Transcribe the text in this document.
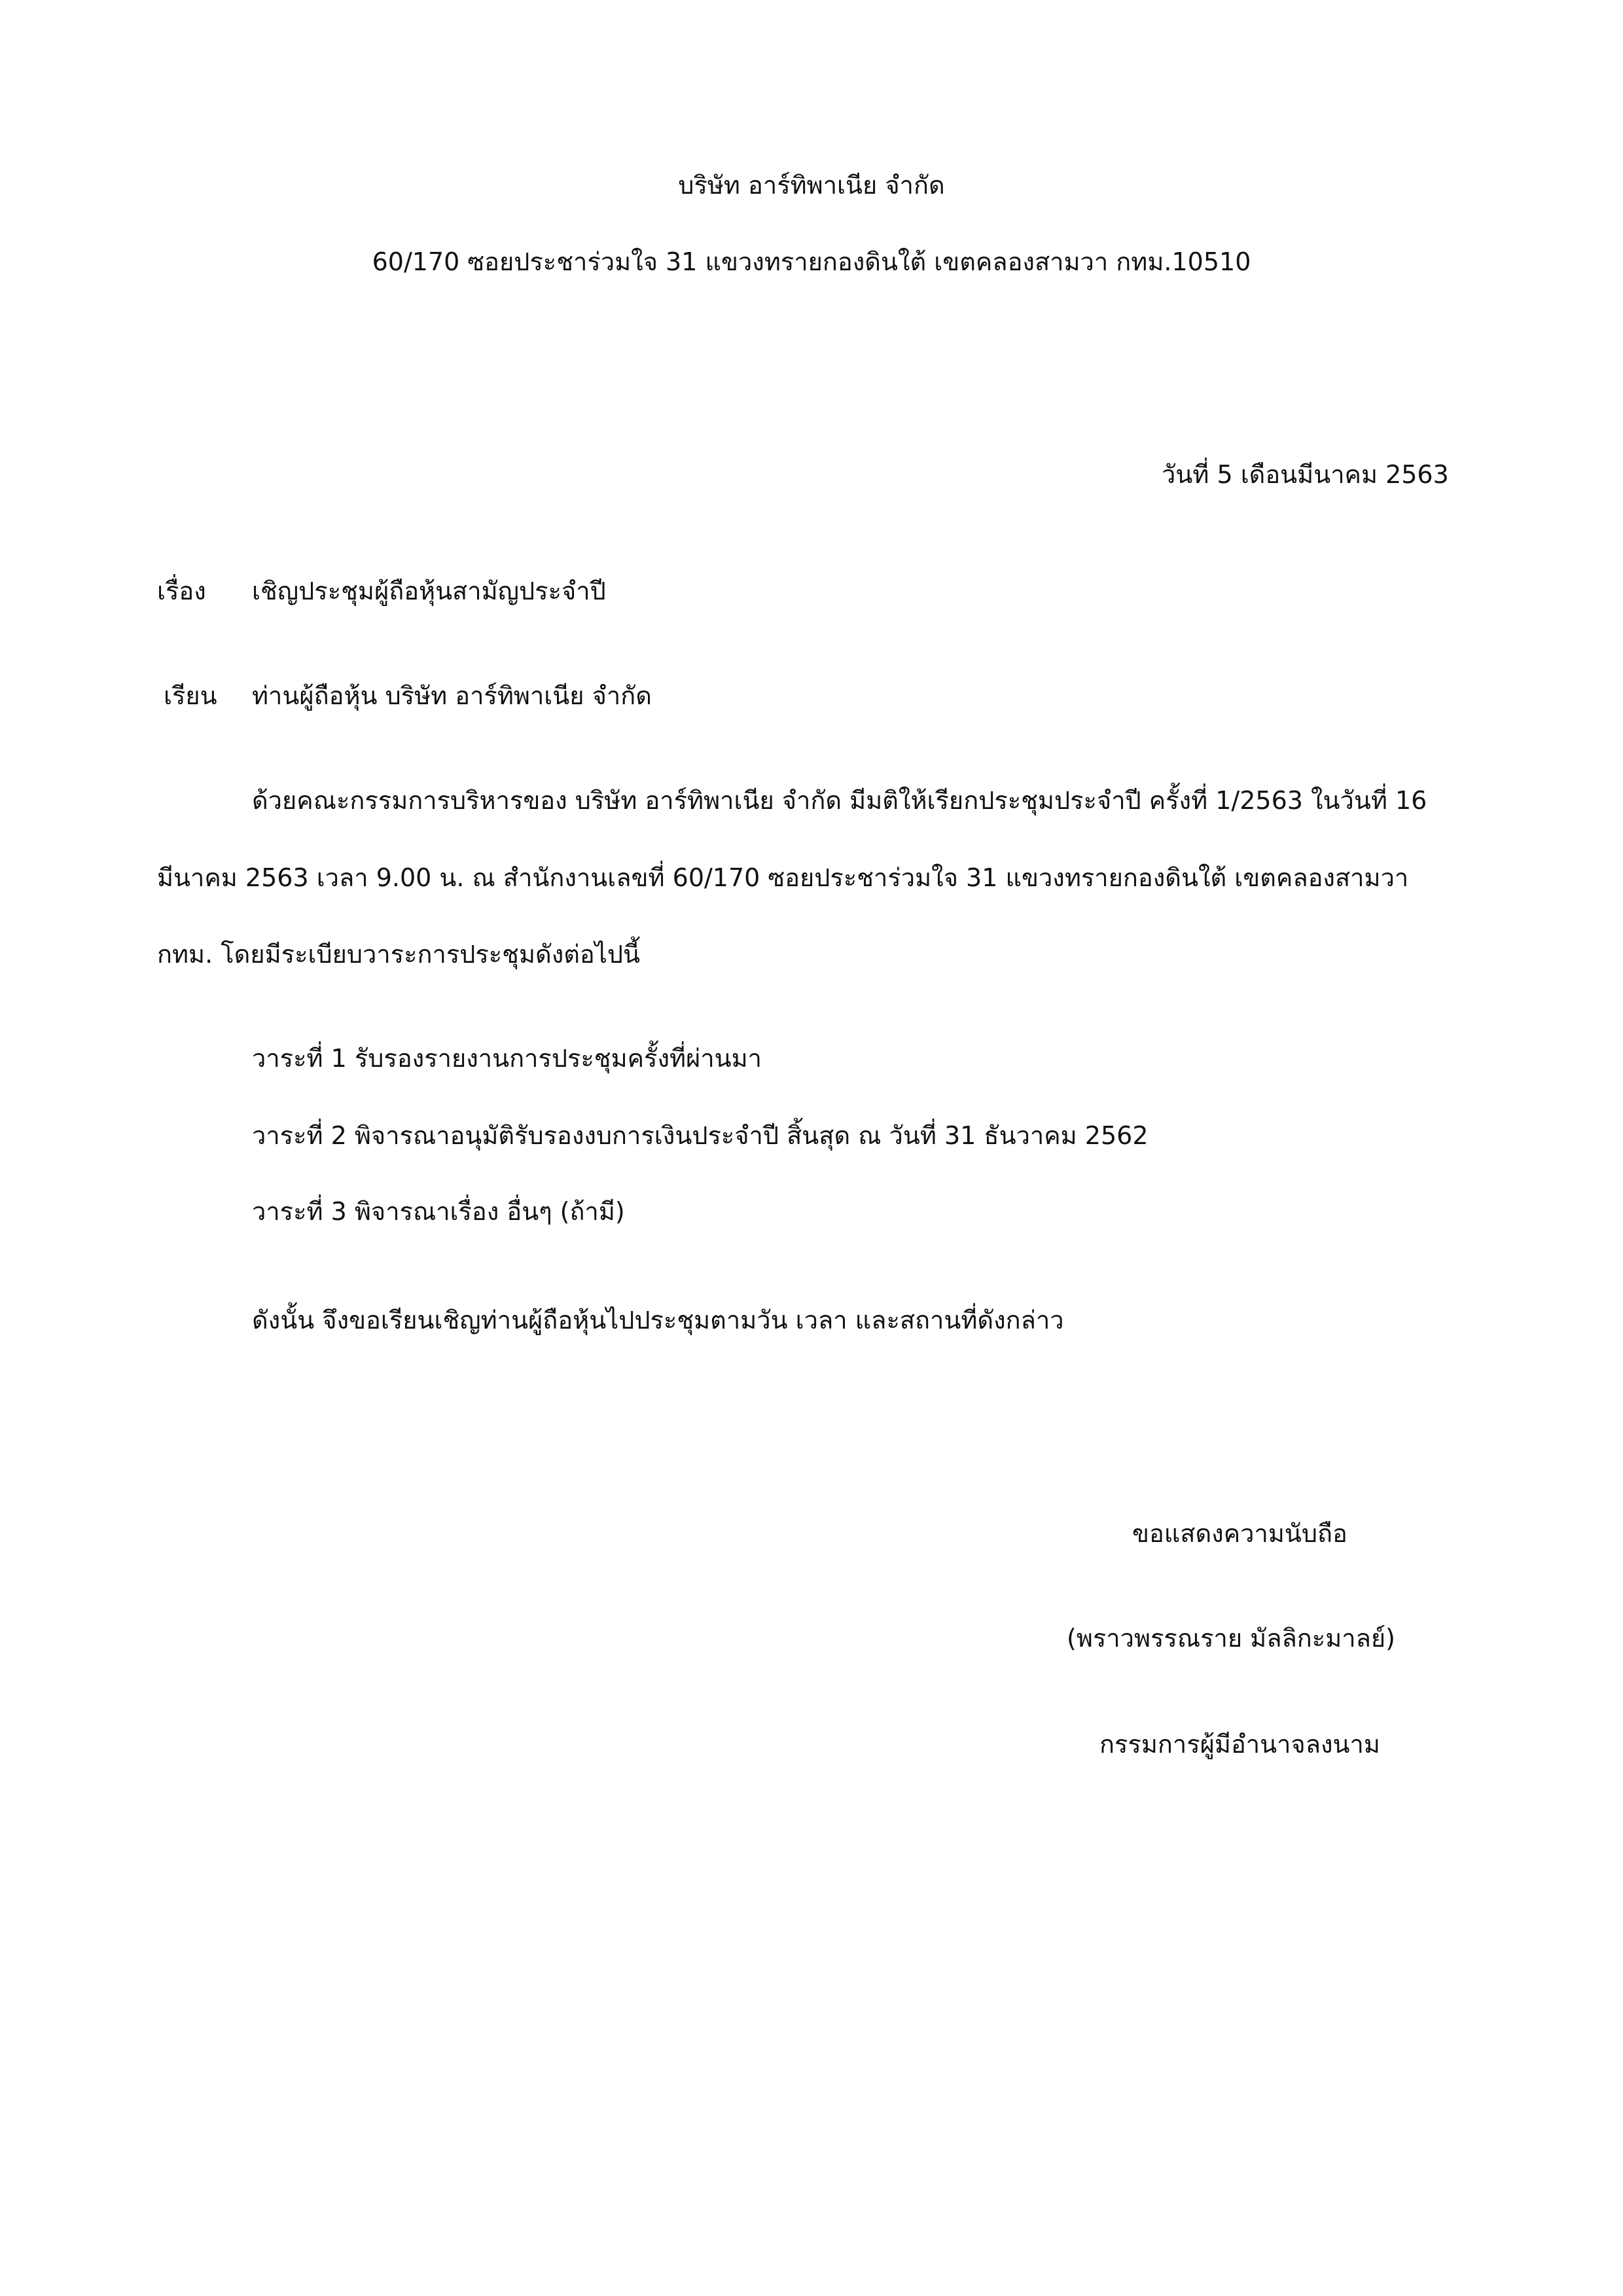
บริษัท อาร์ทิพาเนีย จำกัด
60/170 ซอยประชาร่วมใจ 31 แขวงทรายกองดินใต้ เขตคลองสามวา กทม.10510
วันที่ 5 เดือนมีนาคม 2563
เรื่อง เชิญประชุมผู้ถือหุ้นสามัญประจำปี
เรียน ท่านผู้ถือหุ้น บริษัท อาร์ทิพาเนีย จำกัด
ด้วยคณะกรรมการบริหารของ บริษัท อาร์ทิพาเนีย จำกัด มีมติให้เรียกประชุมประจำปี ครั้งที่ 1/2563 ในวันที่ 16
มีนาคม 2563 เวลา 9.00 น. ณ สำนักงานเลขที่ 60/170 ซอยประชาร่วมใจ 31 แขวงทรายกองดินใต้ เขตคลองสามวา
กทม. โดยมีระเบียบวาระการประชุมดังต่อไปนี้
วาระที่ 1 รับรองรายงานการประชุมครั้งที่ผ่านมา
วาระที่ 2 พิจารณาอนุมัติรับรองงบการเงินประจำปี สิ้นสุด ณ วันที่ 31 ธันวาคม 2562
วาระที่ 3 พิจารณาเรื่อง อื่นๆ (ถ้ามี)
ดังนั้น จึงขอเรียนเชิญท่านผู้ถือหุ้นไปประชุมตามวัน เวลา และสถานที่ดังกล่าว
ขอแสดงความนับถือ
(พราวพรรณราย มัลลิกะมาลย์)
กรรมการผู้มีอำนาจลงนาม
